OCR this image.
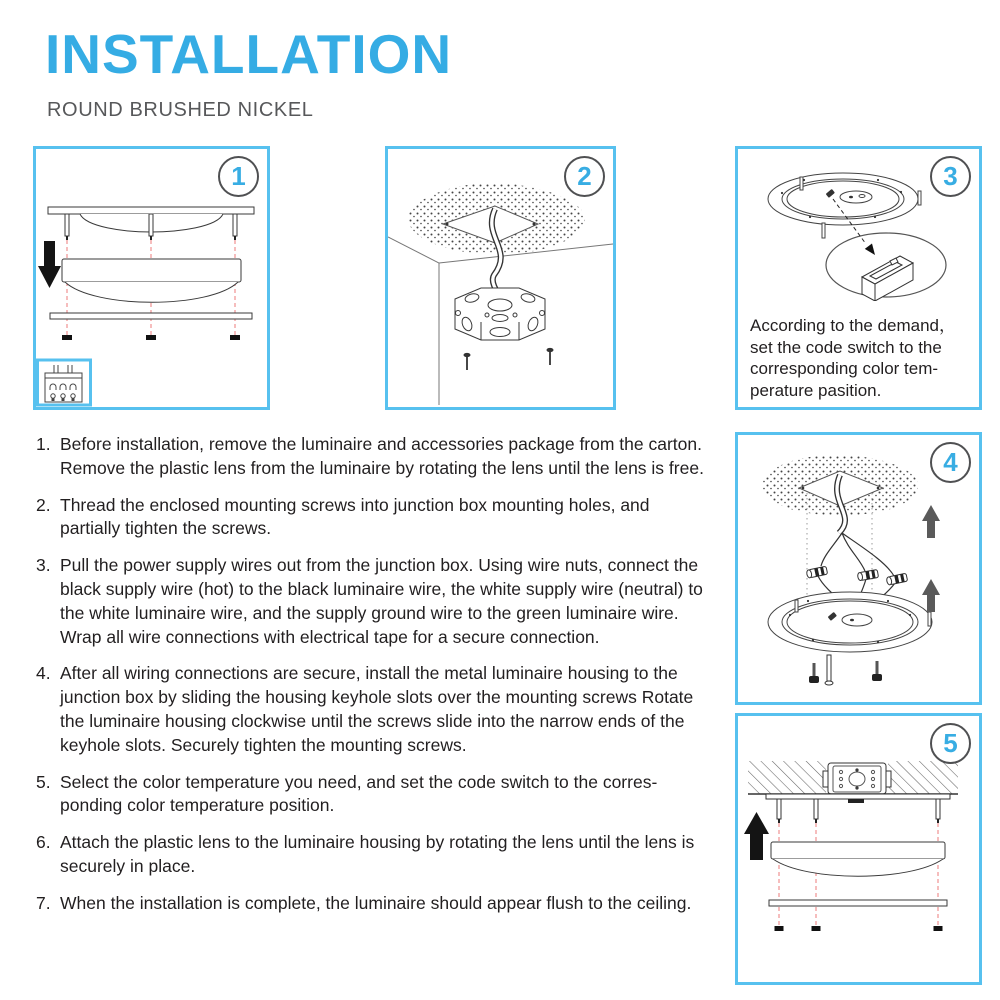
INSTALLATION
ROUND BRUSHED NICKEL
1	2	3
According to the demand，
set the code switch to the
corresponding color tem-
perature pasition.
4
5
1. Before installation, remove the luminaire and accessories package from the carton. Remove the plastic lens from the luminaire by rotating the lens until the lens is free.
2. Thread the enclosed mounting screws into junction box mounting holes, and partially tighten the screws.
3. Pull the power supply wires out from the junction box. Using wire nuts, connect the black supply wire (hot) to the black luminaire wire, the white supply wire (neutral) to the white luminaire wire, and the supply ground wire to the green luminaire wire. Wrap all wire connections with electrical tape for a secure connection.
4. After all wiring connections are secure, install the metal luminaire housing to the junction box by sliding the housing keyhole slots over the mounting screws Rotate the luminaire housing clockwise until the screws slide into the narrow ends of the keyhole slots. Securely tighten the mounting screws.
5. Select the color temperature you need, and set the code switch to the corres-ponding color temperature position.
6. Attach the plastic lens to the luminaire housing by rotating the lens until the lens is securely in place.
7. When the installation is complete, the luminaire should appear flush to the ceiling.
